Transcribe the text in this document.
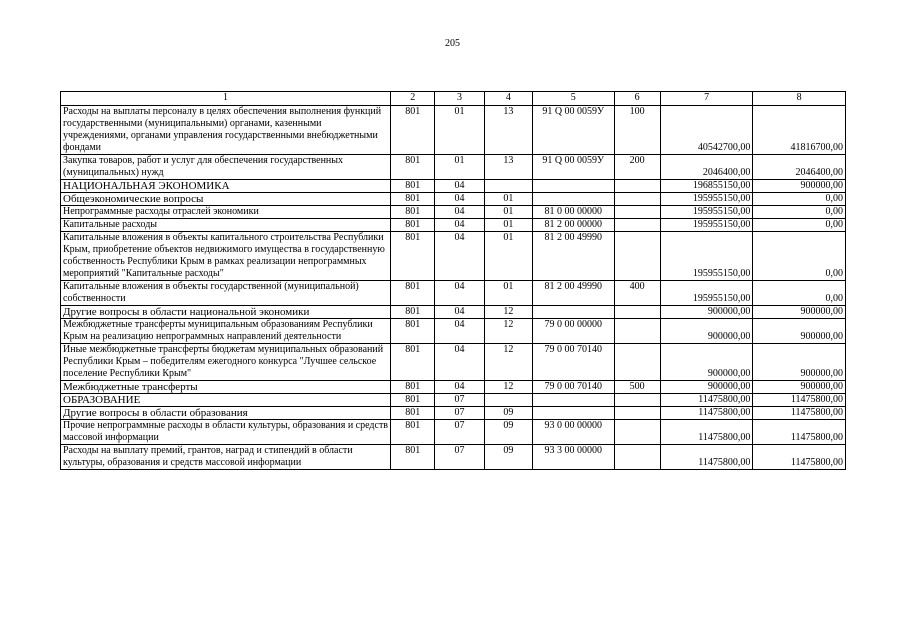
205
1	2	3	4	5	6	7	8
Расходы на выплаты персоналу в целях обеспечения выполнения функций государственными (муниципальными) органами, казенными учреждениями, органами управления государственными внебюджетными фондами	801	01	13	91 Q 00 0059У	100	40542700,00	41816700,00
Закупка товаров, работ и услуг для обеспечения государственных (муниципальных) нужд	801	01	13	91 Q 00 0059У	200	2046400,00	2046400,00
НАЦИОНАЛЬНАЯ ЭКОНОМИКА	801	04				196855150,00	900000,00
Общеэкономические вопросы	801	04	01			195955150,00	0,00
Непрограммные расходы отраслей экономики	801	04	01	81 0 00 00000		195955150,00	0,00
Капитальные расходы	801	04	01	81 2 00 00000		195955150,00	0,00
Капитальные вложения в объекты капитального строительства Республики Крым, приобретение объектов недвижимого имущества в государственную собственность Республики Крым в рамках реализации непрограммных мероприятий "Капитальные расходы"	801	04	01	81 2 00 49990		195955150,00	0,00
Капитальные вложения в объекты государственной (муниципальной) собственности	801	04	01	81 2 00 49990	400	195955150,00	0,00
Другие вопросы в области национальной экономики	801	04	12			900000,00	900000,00
Межбюджетные трансферты муниципальным образованиям Республики Крым на реализацию непрограммных направлений деятельности	801	04	12	79 0 00 00000		900000,00	900000,00
Иные межбюджетные трансферты бюджетам муниципальных образований Республики Крым – победителям ежегодного конкурса "Лучшее сельское поселение Республики Крым"	801	04	12	79 0 00 70140		900000,00	900000,00
Межбюджетные трансферты	801	04	12	79 0 00 70140	500	900000,00	900000,00
ОБРАЗОВАНИЕ	801	07				11475800,00	11475800,00
Другие вопросы в области образования	801	07	09			11475800,00	11475800,00
Прочие непрограммные расходы в области культуры, образования и средств массовой информации	801	07	09	93 0 00 00000		11475800,00	11475800,00
Расходы на выплату премий, грантов, наград и стипендий в области культуры, образования и средств массовой информации	801	07	09	93 3 00 00000		11475800,00	11475800,00
